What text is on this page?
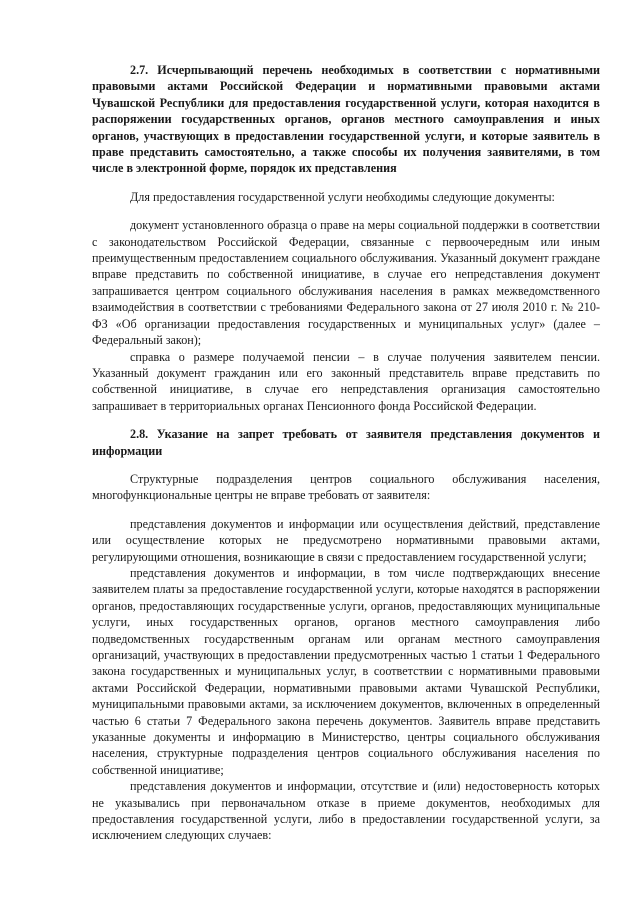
2.7. Исчерпывающий перечень необходимых в соответствии с нормативными правовыми актами Российской Федерации и нормативными правовыми актами Чувашской Республики для предоставления государственной услуги, которая находится в распоряжении государственных органов, органов местного самоуправления и иных органов, участвующих в предоставлении государственной услуги, и которые заявитель в праве представить самостоятельно, а также способы их получения заявителями, в том числе в электронной форме, порядок их представления

Для предоставления государственной услуги необходимы следующие документы:

документ установленного образца о праве на меры социальной поддержки в соответствии с законодательством Российской Федерации, связанные с первоочередным или иным преимущественным предоставлением социального обслуживания. Указанный документ граждане вправе представить по собственной инициативе, в случае его непредставления документ запрашивается центром социального обслуживания населения в рамках межведомственного взаимодействия в соответствии с требованиями Федерального закона от 27 июля 2010 г. № 210-ФЗ «Об организации предоставления государственных и муниципальных услуг» (далее – Федеральный закон);

справка о размере получаемой пенсии – в случае получения заявителем пенсии. Указанный документ гражданин или его законный представитель вправе представить по собственной инициативе, в случае его непредставления организация самостоятельно запрашивает в территориальных органах Пенсионного фонда Российской Федерации.

2.8. Указание на запрет требовать от заявителя представления документов и информации

Структурные подразделения центров социального обслуживания населения, многофункциональные центры не вправе требовать от заявителя:

представления документов и информации или осуществления действий, представление или осуществление которых не предусмотрено нормативными правовыми актами, регулирующими отношения, возникающие в связи с предоставлением государственной услуги;

представления документов и информации, в том числе подтверждающих внесение заявителем платы за предоставление государственной услуги, которые находятся в распоряжении органов, предоставляющих государственные услуги, органов, предоставляющих муниципальные услуги, иных государственных органов, органов местного самоуправления либо подведомственных государственным органам или органам местного самоуправления организаций, участвующих в предоставлении предусмотренных частью 1 статьи 1 Федерального закона государственных и муниципальных услуг, в соответствии с нормативными правовыми актами Российской Федерации, нормативными правовыми актами Чувашской Республики, муниципальными правовыми актами, за исключением документов, включенных в определенный частью 6 статьи 7 Федерального закона перечень документов. Заявитель вправе представить указанные документы и информацию в Министерство, центры социального обслуживания населения, структурные подразделения центров социального обслуживания населения по собственной инициативе;

представления документов и информации, отсутствие и (или) недостоверность которых не указывались при первоначальном отказе в приеме документов, необходимых для предоставления государственной услуги, либо в предоставлении государственной услуги, за исключением следующих случаев:
